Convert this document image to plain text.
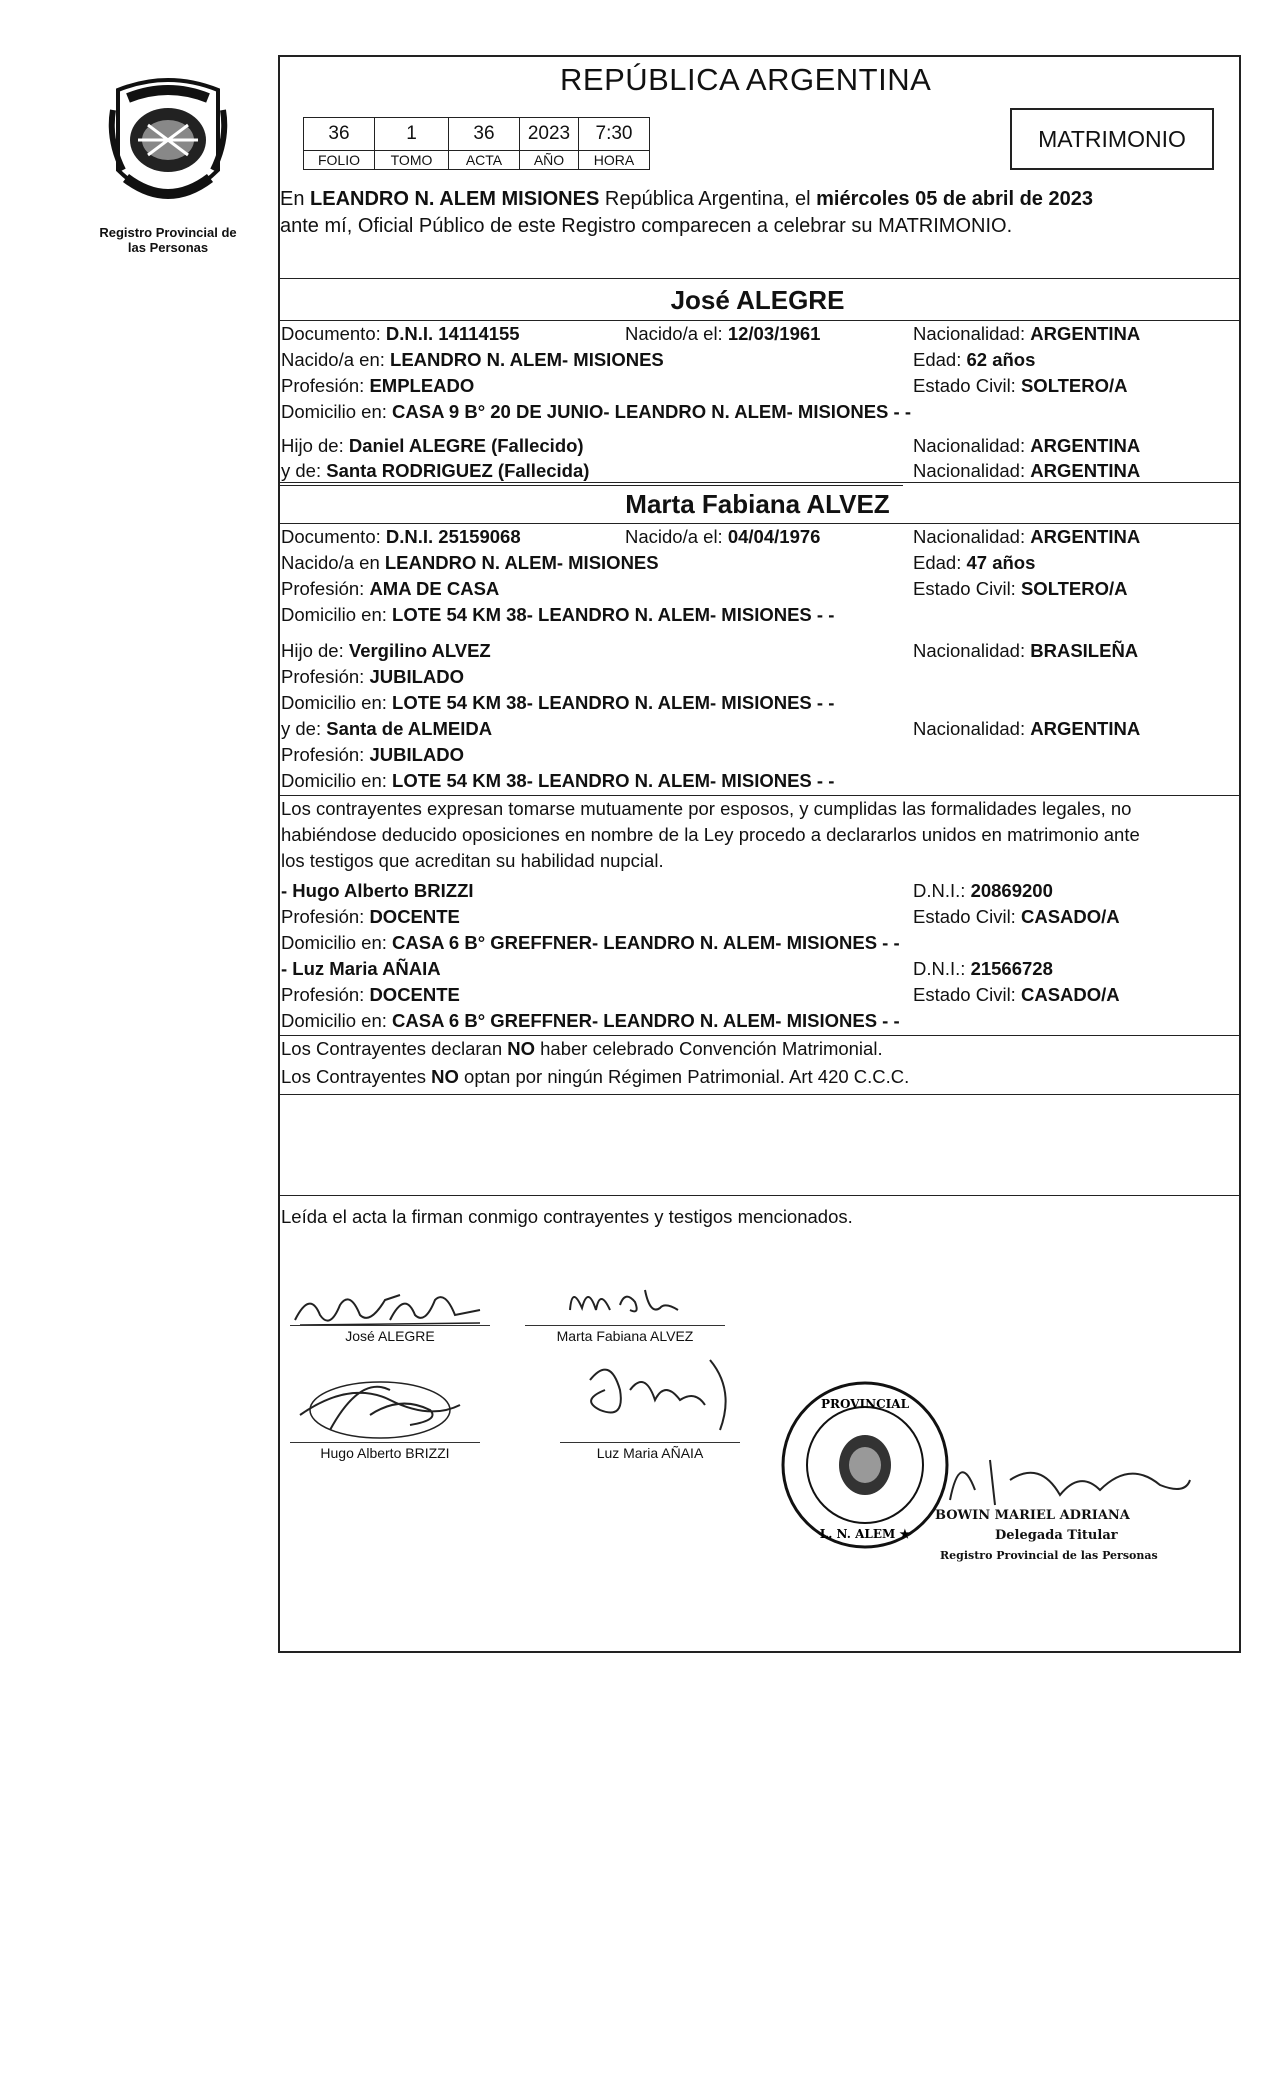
Registro Provincial de las Personas
REPÚBLICA ARGENTINA
36	1	36	2023	7:30
FOLIO	TOMO	ACTA	AÑO	HORA
MATRIMONIO
En LEANDRO N. ALEM MISIONES República Argentina, el miércoles 05 de abril de 2023
ante mí, Oficial Público de este Registro comparecen a celebrar su MATRIMONIO.
José ALEGRE
Documento: D.N.I. 14114155	Nacido/a el: 12/03/1961	Nacionalidad: ARGENTINA
Nacido/a en: LEANDRO N. ALEM- MISIONES	Edad: 62 años
Profesión: EMPLEADO	Estado Civil: SOLTERO/A
Domicilio en: CASA 9 B° 20 DE JUNIO- LEANDRO N. ALEM- MISIONES - -
Hijo de: Daniel ALEGRE (Fallecido)	Nacionalidad: ARGENTINA
y de: Santa RODRIGUEZ (Fallecida)	Nacionalidad: ARGENTINA
Marta Fabiana ALVEZ
Documento: D.N.I. 25159068	Nacido/a el: 04/04/1976	Nacionalidad: ARGENTINA
Nacido/a en LEANDRO N. ALEM- MISIONES	Edad: 47 años
Profesión: AMA DE CASA	Estado Civil: SOLTERO/A
Domicilio en: LOTE 54 KM 38- LEANDRO N. ALEM- MISIONES - -
Hijo de: Vergilino ALVEZ	Nacionalidad: BRASILEÑA
Profesión: JUBILADO
Domicilio en: LOTE 54 KM 38- LEANDRO N. ALEM- MISIONES - -
y de: Santa de ALMEIDA	Nacionalidad: ARGENTINA
Profesión: JUBILADO
Domicilio en: LOTE 54 KM 38- LEANDRO N. ALEM- MISIONES - -
Los contrayentes expresan tomarse mutuamente por esposos, y cumplidas las formalidades legales, no
habiéndose deducido oposiciones en nombre de la Ley procedo a declararlos unidos en matrimonio ante
los testigos que acreditan su habilidad nupcial.
- Hugo Alberto BRIZZI	D.N.I.: 20869200
Profesión: DOCENTE	Estado Civil: CASADO/A
Domicilio en: CASA 6 B° GREFFNER- LEANDRO N. ALEM- MISIONES - -
- Luz Maria AÑAIA	D.N.I.: 21566728
Profesión: DOCENTE	Estado Civil: CASADO/A
Domicilio en: CASA 6 B° GREFFNER- LEANDRO N. ALEM- MISIONES - -
Los Contrayentes declaran NO haber celebrado Convención Matrimonial.
Los Contrayentes NO optan por ningún Régimen Patrimonial. Art 420 C.C.C.
Leída el acta la firman conmigo contrayentes y testigos mencionados.
José ALEGRE	Marta Fabiana ALVEZ
Hugo Alberto BRIZZI	Luz Maria AÑAIA
PROVINCIAL
L. N. ALEM ★
BOWIN MARIEL ADRIANA
Delegada Titular
Registro Provincial de las Personas
